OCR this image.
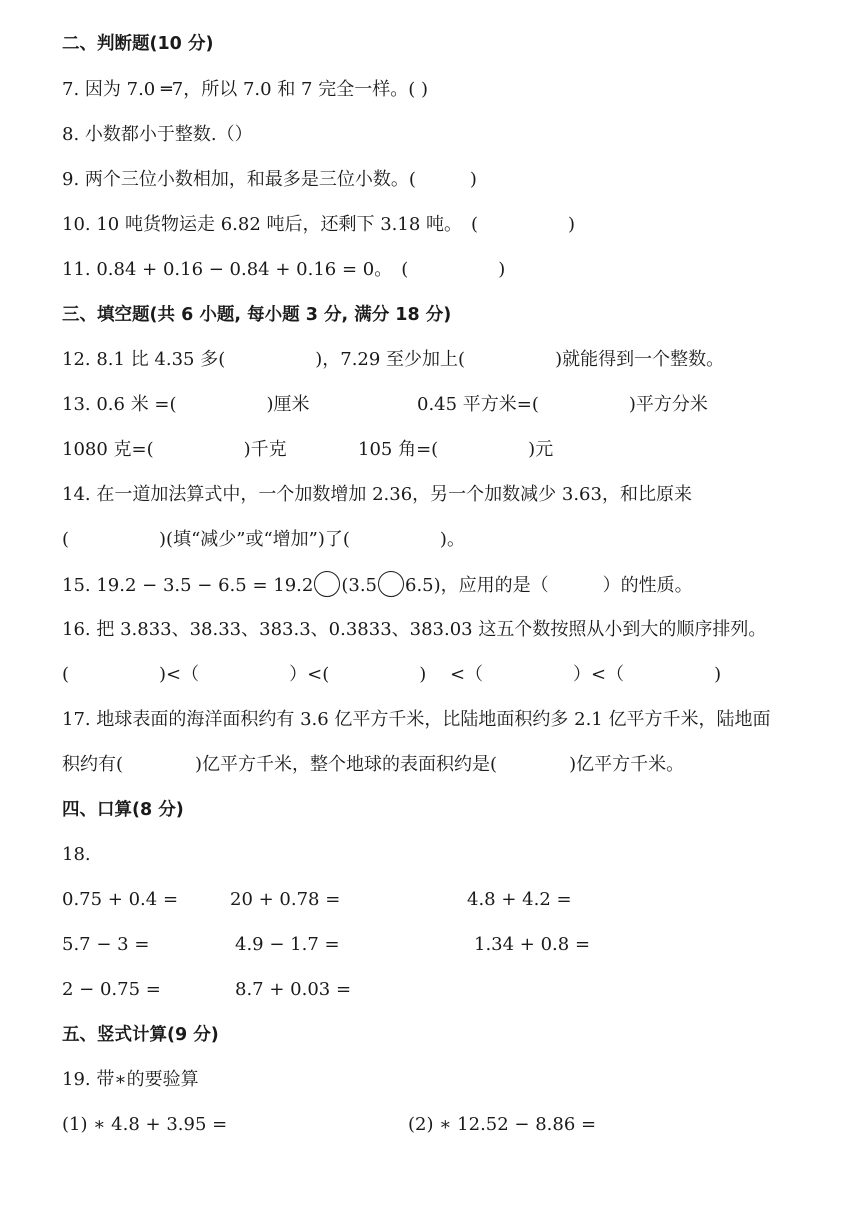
二、判断题(10 分)
7. 因为 7.0 ═7，所以 7.0 和 7 完全一样。( )
8. 小数都小于整数.（）
9. 两个三位小数相加，和最多是三位小数。(　　　)
10. 10 吨货物运走 6.82 吨后，还剩下 3.18 吨。　(　　　　　)
11. 0.84 + 0.16 − 0.84 + 0.16 = 0。　(　　　　　)
三、填空题(共 6 小题, 每小题 3 分, 满分 18 分)
12. 8.1 比 4.35 多(　　　　　)，7.29 至少加上(　　　　　)就能得到一个整数。
13. 0.6 米 =(　　　　　)厘米	0.45 平方米=(　　　　　)平方分米
1080 克=(　　　　　)千克	105 角=(　　　　　)元
14. 在一道加法算式中，一个加数增加 2.36，另一个加数减少 3.63，和比原来
(　　　　　)(填“减少”或“增加”)了(　　　　　)。
15. 19.2 − 3.5 − 6.5 = 19.2 (3.5 6.5)，应用的是（　　　）的性质。
16. 把 3.833、38.33、383.3、0.3833、383.03 这五个数按照从小到大的顺序排列。
(　　　　　)<（　　　　　）<(　　　　　)　 <（　　　　　）<（　　　　　)
17. 地球表面的海洋面积约有 3.6 亿平方千米，比陆地面积约多 2.1 亿平方千米，陆地面
积约有(　　　　)亿平方千米，整个地球的表面积约是(　　　　)亿平方千米。
四、口算(8 分)
18.
0.75 + 0.4 =	20 + 0.78 =	4.8 + 4.2 =
5.7 − 3 =	4.9 − 1.7 =	1.34 + 0.8 =
2 − 0.75 =	8.7 + 0.03 =
五、竖式计算(9 分)
19. 带∗的要验算
(1) ∗ 4.8 + 3.95 =	(2) ∗ 12.52 − 8.86 =
